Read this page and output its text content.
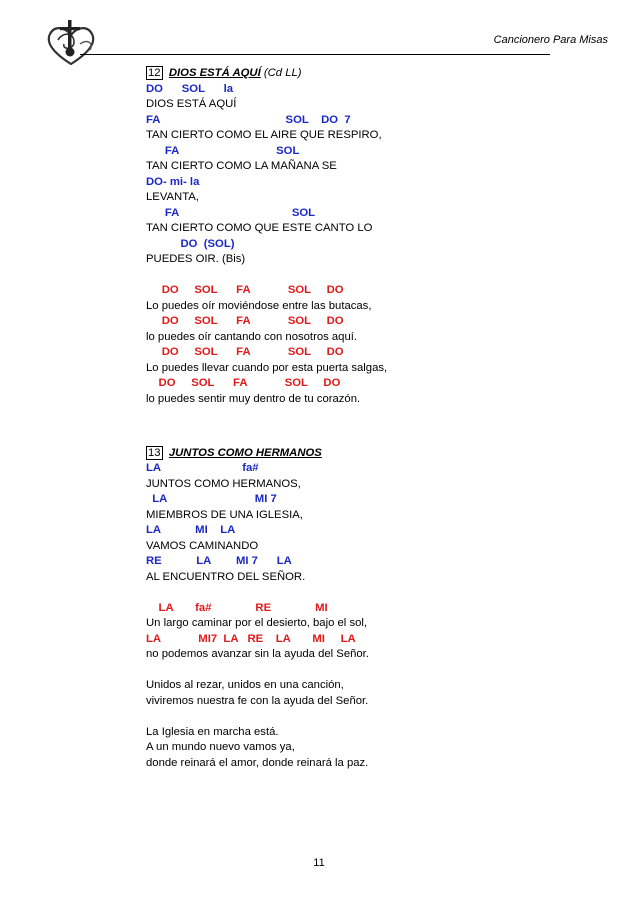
Cancionero Para Misas
12 DIOS ESTÁ AQUÍ (Cd LL)
DO      SOL      la
DIOS ESTÁ AQUÍ
FA                                        SOL    DO  7
TAN CIERTO COMO EL AIRE QUE RESPIRO,
FA                               SOL
TAN CIERTO COMO LA MAÑANA SE
DO- mi- la
LEVANTA,
FA                                    SOL
TAN CIERTO COMO QUE ESTE CANTO LO
DO  (SOL)
PUEDES OIR. (Bis)
DO     SOL      FA            SOL     DO
Lo puedes oír moviéndose entre las butacas,
DO     SOL      FA            SOL     DO
lo puedes oír cantando con nosotros aquí.
DO     SOL      FA            SOL     DO
Lo puedes llevar cuando por esta puerta salgas,
DO     SOL      FA            SOL     DO
lo puedes sentir muy dentro de tu corazón.
13 JUNTOS COMO HERMANOS
LA                          fa#
JUNTOS COMO HERMANOS,
LA                            MI 7
MIEMBROS DE UNA IGLESIA,
LA           MI    LA
VAMOS CAMINANDO
RE           LA        MI 7      LA
AL ENCUENTRO DEL SEÑOR.
LA       fa#              RE              MI
Un largo caminar por el desierto, bajo el sol,
LA            MI7  LA   RE    LA       MI     LA
no podemos avanzar sin la ayuda del Señor.
Unidos al rezar, unidos en una canción,
viviremos nuestra fe con la ayuda del Señor.
La Iglesia en marcha está.
A un mundo nuevo vamos ya,
donde reinará el amor, donde reinará la paz.
11
